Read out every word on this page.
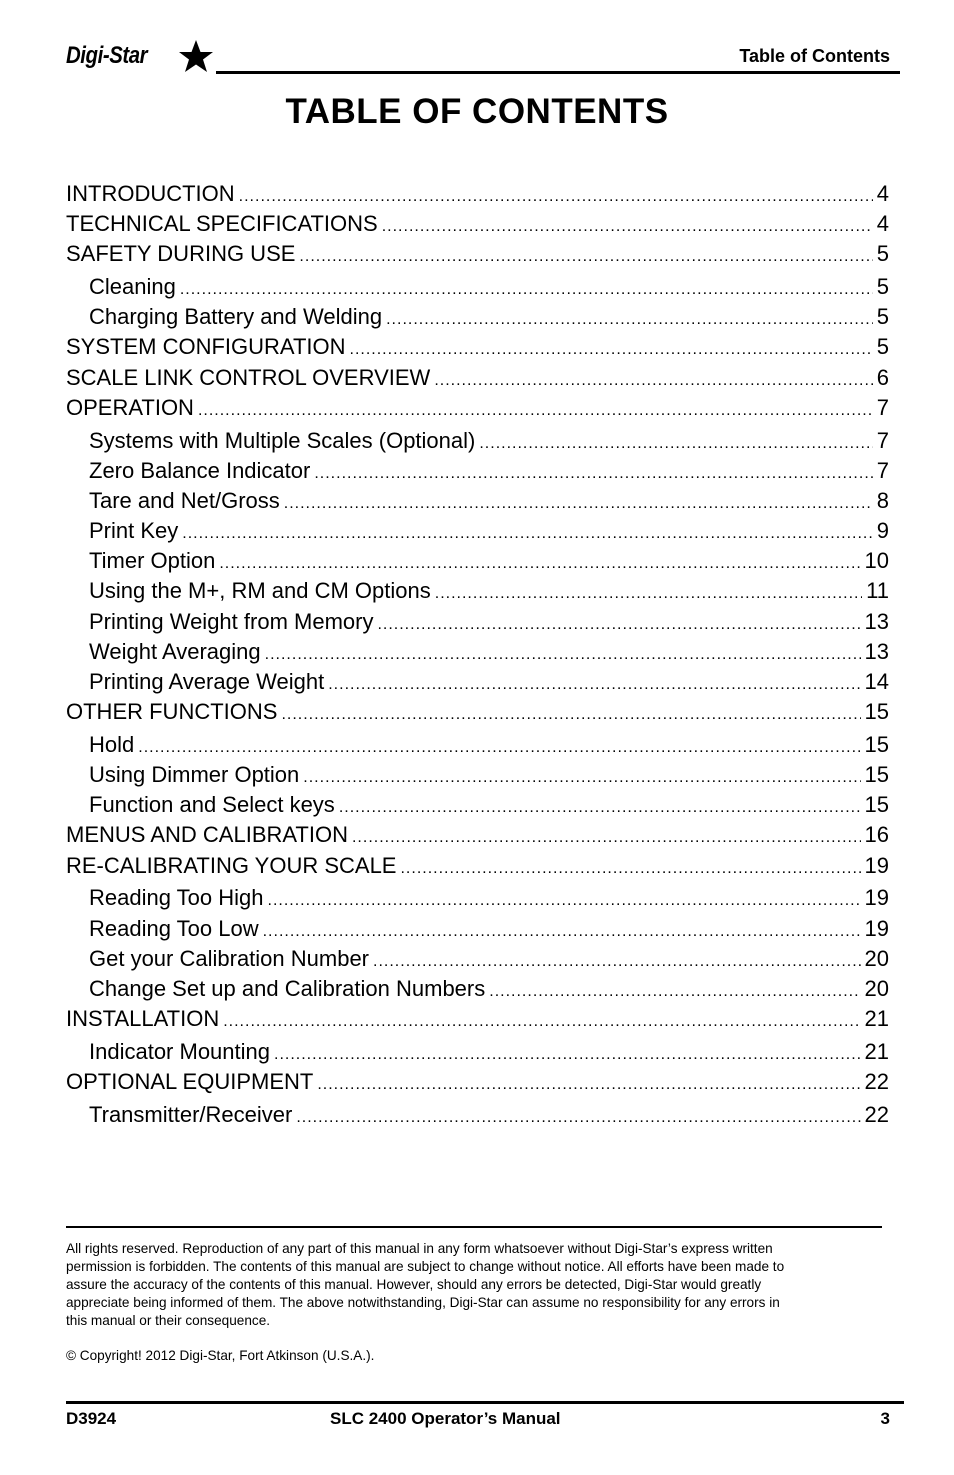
Digi-Star	Table of Contents
TABLE OF CONTENTS
INTRODUCTION .....	4
TECHNICAL SPECIFICATIONS .....	4
SAFETY DURING USE .....	5
Cleaning .....	5
Charging Battery and Welding .....	5
SYSTEM CONFIGURATION .....	5
SCALE LINK CONTROL OVERVIEW .....	6
OPERATION .....	7
Systems with Multiple Scales (Optional) .....	7
Zero Balance Indicator .....	7
Tare and Net/Gross .....	8
Print Key .....	9
Timer Option .....	10
Using the M+, RM and CM Options .....	11
Printing Weight from Memory .....	13
Weight Averaging .....	13
Printing Average Weight .....	14
OTHER FUNCTIONS .....	15
Hold .....	15
Using Dimmer Option .....	15
Function and Select keys .....	15
MENUS AND CALIBRATION .....	16
RE-CALIBRATING YOUR SCALE .....	19
Reading Too High .....	19
Reading Too Low .....	19
Get your Calibration Number .....	20
Change Set up and Calibration Numbers .....	20
INSTALLATION .....	21
Indicator Mounting .....	21
OPTIONAL EQUIPMENT .....	22
Transmitter/Receiver .....	22
All rights reserved. Reproduction of any part of this manual in any form whatsoever without Digi-Star’s express written
permission is forbidden. The contents of this manual are subject to change without notice. All efforts have been made to
assure the accuracy of the contents of this manual. However, should any errors be detected, Digi-Star would greatly
appreciate being informed of them. The above notwithstanding, Digi-Star can assume no responsibility for any errors in
this manual or their consequence.
© Copyright! 2012 Digi-Star, Fort Atkinson (U.S.A.).
D3924	SLC 2400 Operator’s Manual	3
